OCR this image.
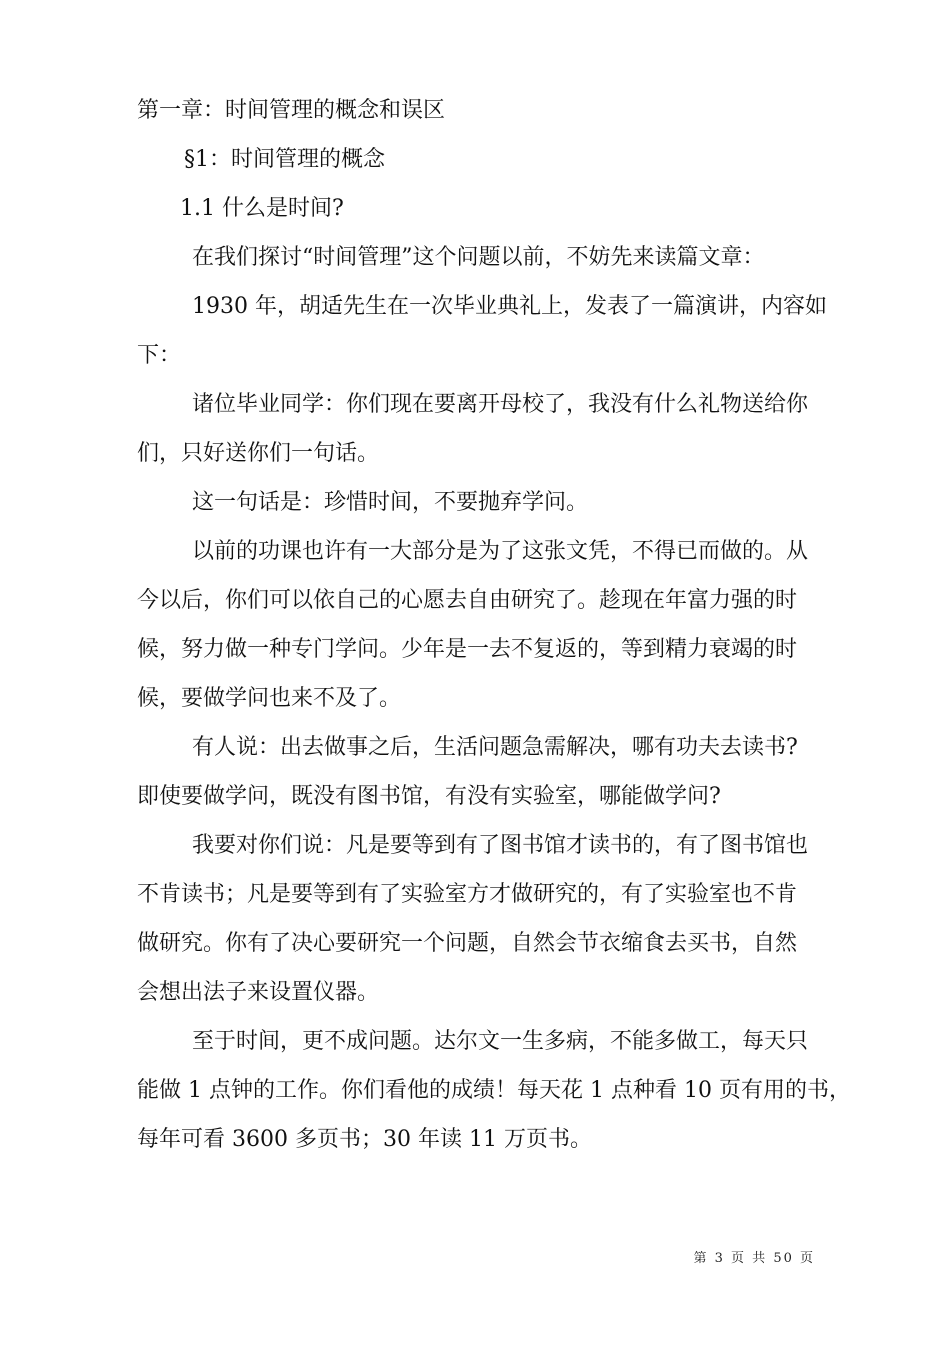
第一章：时间管理的概念和误区

§1：时间管理的概念

1.1 什么是时间?

在我们探讨“时间管理”这个问题以前，不妨先来读篇文章：

1930 年，胡适先生在一次毕业典礼上，发表了一篇演讲，内容如

下：

诸位毕业同学：你们现在要离开母校了，我没有什么礼物送给你

们，只好送你们一句话。

这一句话是：珍惜时间，不要抛弃学问。

以前的功课也许有一大部分是为了这张文凭，不得已而做的。从

今以后，你们可以依自己的心愿去自由研究了。趁现在年富力强的时

候，努力做一种专门学问。少年是一去不复返的，等到精力衰竭的时

候，要做学问也来不及了。

有人说：出去做事之后，生活问题急需解决，哪有功夫去读书?

即使要做学问，既没有图书馆，有没有实验室，哪能做学问?

我要对你们说：凡是要等到有了图书馆才读书的，有了图书馆也

不肯读书；凡是要等到有了实验室方才做研究的，有了实验室也不肯

做研究。你有了决心要研究一个问题，自然会节衣缩食去买书，自然

会想出法子来设置仪器。

至于时间，更不成问题。达尔文一生多病，不能多做工，每天只

能做 1 点钟的工作。你们看他的成绩！每天花 1 点种看 10 页有用的书，

每年可看 3600 多页书；30 年读 11 万页书。

第 3 页 共 50 页
